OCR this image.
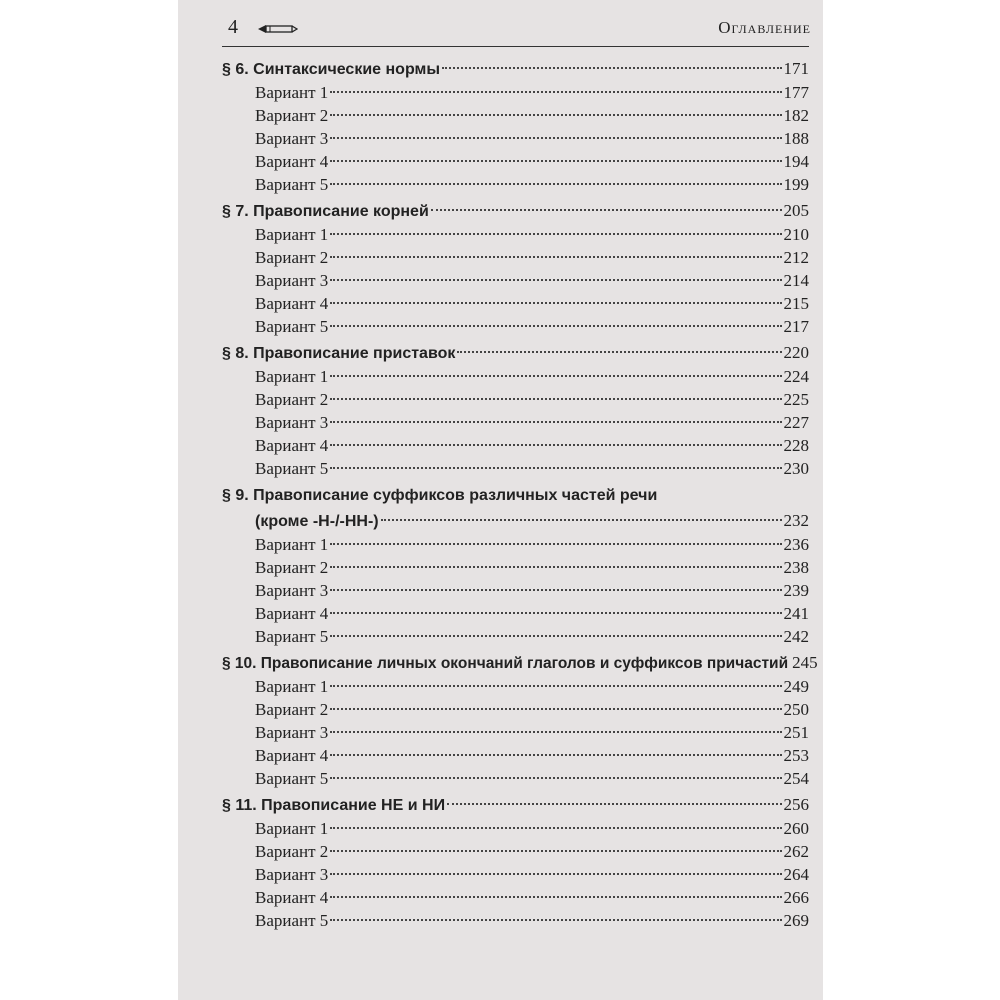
4	Оглавление
§ 6. Синтаксические нормы	171
Вариант 1	177
Вариант 2	182
Вариант 3	188
Вариант 4	194
Вариант 5	199
§ 7. Правописание корней	205
Вариант 1	210
Вариант 2	212
Вариант 3	214
Вариант 4	215
Вариант 5	217
§ 8. Правописание приставок	220
Вариант 1	224
Вариант 2	225
Вариант 3	227
Вариант 4	228
Вариант 5	230
§ 9. Правописание суффиксов различных частей речи
(кроме -Н-/-НН-)	232
Вариант 1	236
Вариант 2	238
Вариант 3	239
Вариант 4	241
Вариант 5	242
§ 10. Правописание личных окончаний глаголов и суффиксов причастий 245
Вариант 1	249
Вариант 2	250
Вариант 3	251
Вариант 4	253
Вариант 5	254
§ 11. Правописание НЕ и НИ	256
Вариант 1	260
Вариант 2	262
Вариант 3	264
Вариант 4	266
Вариант 5	269
